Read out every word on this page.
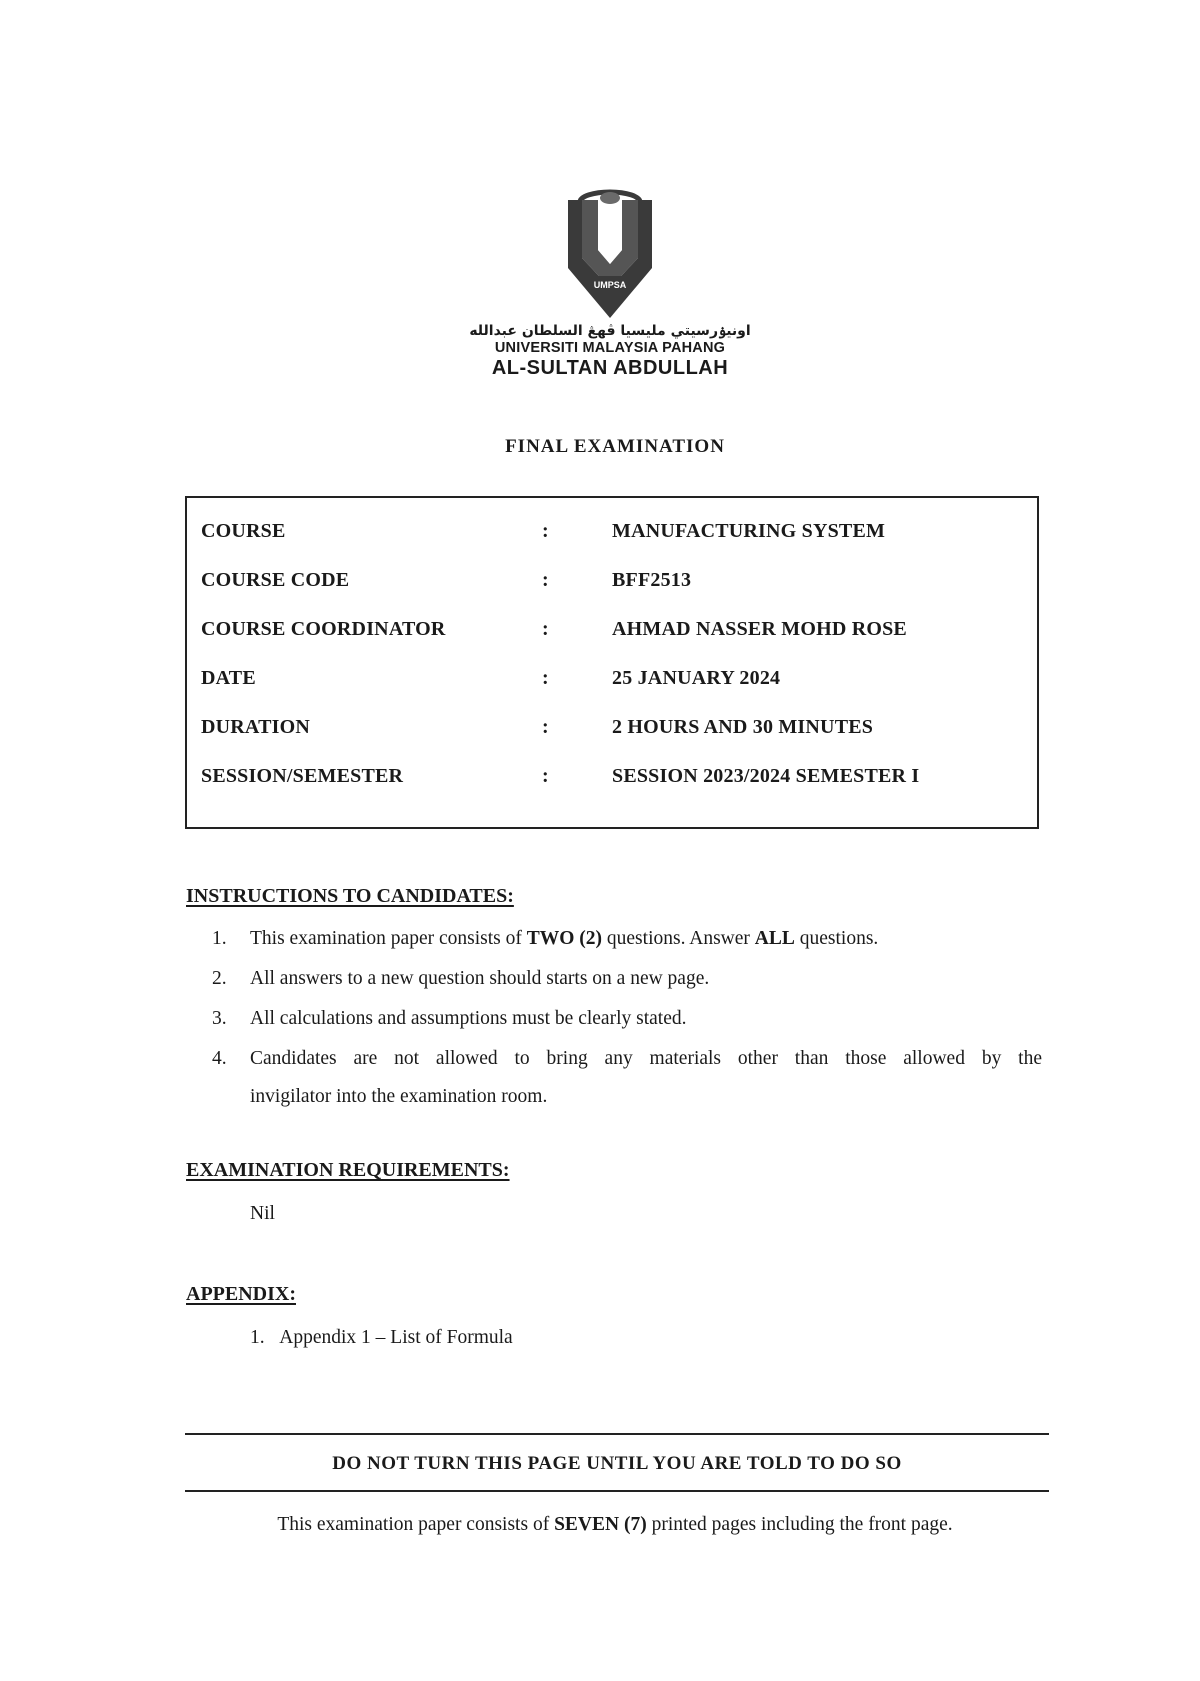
UMPSA
اونيۏرسيتي مليسيا ڤهڠ السلطان عبدالله
UNIVERSITI MALAYSIA PAHANG
AL-SULTAN ABDULLAH
FINAL EXAMINATION
COURSE	:	MANUFACTURING SYSTEM
COURSE CODE	:	BFF2513
COURSE COORDINATOR	:	AHMAD NASSER MOHD ROSE
DATE	:	25 JANUARY 2024
DURATION	:	2 HOURS AND 30 MINUTES
SESSION/SEMESTER	:	SESSION 2023/2024 SEMESTER I
INSTRUCTIONS TO CANDIDATES:
1. This examination paper consists of TWO (2) questions. Answer ALL questions.
2. All answers to a new question should starts on a new page.
3. All calculations and assumptions must be clearly stated.
4. Candidates are not allowed to bring any materials other than those allowed by the
invigilator into the examination room.
EXAMINATION REQUIREMENTS:
Nil
APPENDIX:
1. Appendix 1 – List of Formula
DO NOT TURN THIS PAGE UNTIL YOU ARE TOLD TO DO SO
This examination paper consists of SEVEN (7) printed pages including the front page.
